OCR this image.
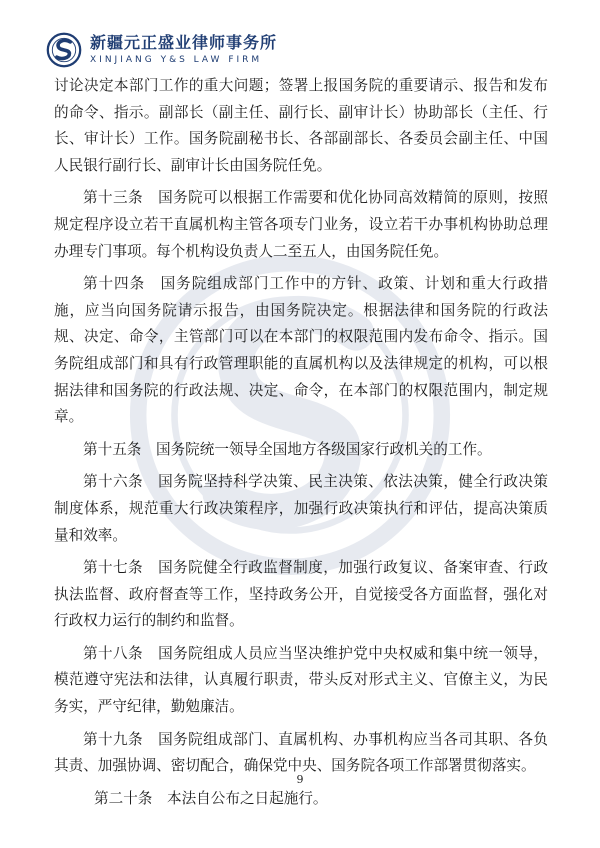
新疆元正盛业律师事务所
XINJIANG Y&S LAW FIRM

讨论决定本部门工作的重大问题；签署上报国务院的重要请示、报告和发布的命令、指示。副部长（副主任、副行长、副审计长）协助部长（主任、行长、审计长）工作。国务院副秘书长、各部副部长、各委员会副主任、中国人民银行副行长、副审计长由国务院任免。

第十三条　国务院可以根据工作需要和优化协同高效精简的原则，按照规定程序设立若干直属机构主管各项专门业务，设立若干办事机构协助总理办理专门事项。每个机构设负责人二至五人，由国务院任免。

第十四条　国务院组成部门工作中的方针、政策、计划和重大行政措施，应当向国务院请示报告，由国务院决定。根据法律和国务院的行政法规、决定、命令，主管部门可以在本部门的权限范围内发布命令、指示。国务院组成部门和具有行政管理职能的直属机构以及法律规定的机构，可以根据法律和国务院的行政法规、决定、命令，在本部门的权限范围内，制定规章。

第十五条　国务院统一领导全国地方各级国家行政机关的工作。

第十六条　国务院坚持科学决策、民主决策、依法决策，健全行政决策制度体系，规范重大行政决策程序，加强行政决策执行和评估，提高决策质量和效率。

第十七条　国务院健全行政监督制度，加强行政复议、备案审查、行政执法监督、政府督查等工作，坚持政务公开，自觉接受各方面监督，强化对行政权力运行的制约和监督。

第十八条　国务院组成人员应当坚决维护党中央权威和集中统一领导，模范遵守宪法和法律，认真履行职责，带头反对形式主义、官僚主义，为民务实，严守纪律，勤勉廉洁。

第十九条　国务院组成部门、直属机构、办事机构应当各司其职、各负其责、加强协调、密切配合，确保党中央、国务院各项工作部署贯彻落实。

第二十条　本法自公布之日起施行。

9
